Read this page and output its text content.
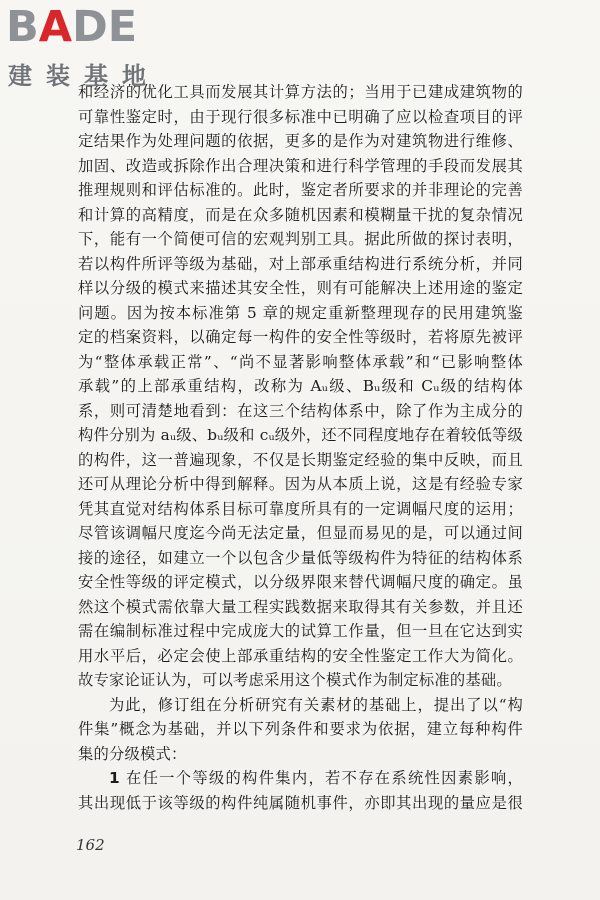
BADE
建装基地

和经济的优化工具而发展其计算方法的；当用于已建成建筑物的

可靠性鉴定时，由于现行很多标准中已明确了应以检查项目的评

定结果作为处理问题的依据，更多的是作为对建筑物进行维修、

加固、改造或拆除作出合理决策和进行科学管理的手段而发展其

推理规则和评估标准的。此时，鉴定者所要求的并非理论的完善

和计算的高精度，而是在众多随机因素和模糊量干扰的复杂情况

下，能有一个简便可信的宏观判别工具。据此所做的探讨表明，

若以构件所评等级为基础，对上部承重结构进行系统分析，并同

样以分级的模式来描述其安全性，则有可能解决上述用途的鉴定

问题。因为按本标准第 5 章的规定重新整理现存的民用建筑鉴

定的档案资料，以确定每一构件的安全性等级时，若将原先被评

为“整体承载正常”、“尚不显著影响整体承载”和“已影响整体

承载”的上部承重结构，改称为 Aᵤ级、Bᵤ级和 Cᵤ级的结构体

系，则可清楚地看到：在这三个结构体系中，除了作为主成分的

构件分别为 aᵤ级、bᵤ级和 cᵤ级外，还不同程度地存在着较低等级

的构件，这一普遍现象，不仅是长期鉴定经验的集中反映，而且

还可从理论分析中得到解释。因为从本质上说，这是有经验专家

凭其直觉对结构体系目标可靠度所具有的一定调幅尺度的运用；

尽管该调幅尺度迄今尚无法定量，但显而易见的是，可以通过间

接的途径，如建立一个以包含少量低等级构件为特征的结构体系

安全性等级的评定模式，以分级界限来替代调幅尺度的确定。虽

然这个模式需依靠大量工程实践数据来取得其有关参数，并且还

需在编制标准过程中完成庞大的试算工作量，但一旦在它达到实

用水平后，必定会使上部承重结构的安全性鉴定工作大为简化。

故专家论证认为，可以考虑采用这个模式作为制定标准的基础。

为此，修订组在分析研究有关素材的基础上，提出了以“构

件集”概念为基础，并以下列条件和要求为依据，建立每种构件

集的分级模式：

1 在任一个等级的构件集内，若不存在系统性因素影响，

其出现低于该等级的构件纯属随机事件，亦即其出现的量应是很

162
